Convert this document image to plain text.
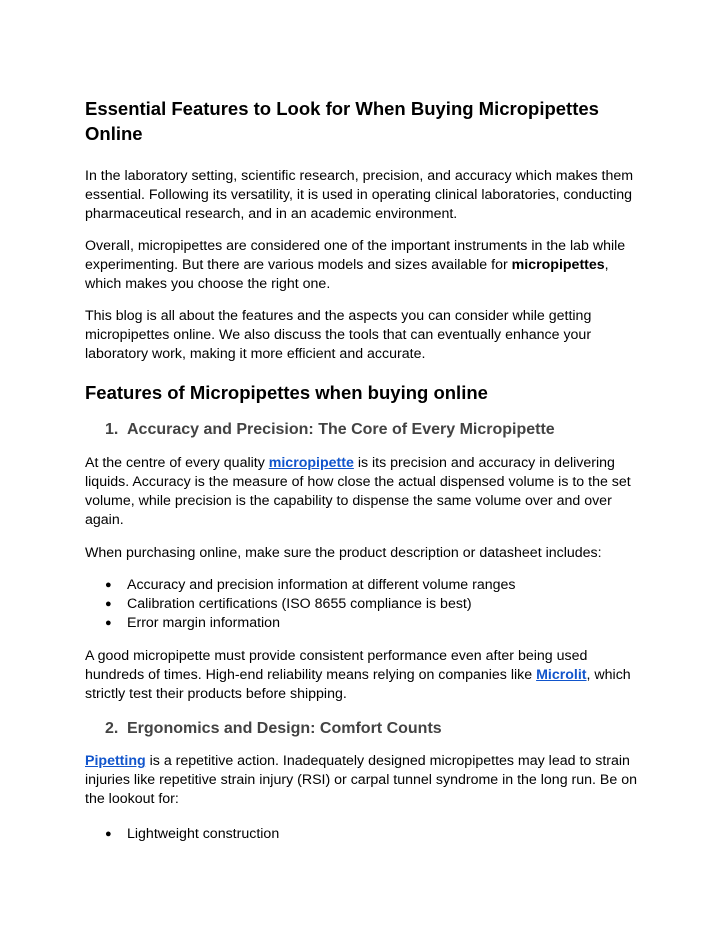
Essential Features to Look for When Buying Micropipettes Online

In the laboratory setting, scientific research, precision, and accuracy which makes them essential. Following its versatility, it is used in operating clinical laboratories, conducting pharmaceutical research, and in an academic environment.

Overall, micropipettes are considered one of the important instruments in the lab while experimenting. But there are various models and sizes available for micropipettes, which makes you choose the right one.

This blog is all about the features and the aspects you can consider while getting micropipettes online. We also discuss the tools that can eventually enhance your laboratory work, making it more efficient and accurate.

Features of Micropipettes when buying online
1. Accuracy and Precision: The Core of Every Micropipette

At the centre of every quality micropipette is its precision and accuracy in delivering liquids. Accuracy is the measure of how close the actual dispensed volume is to the set volume, while precision is the capability to dispense the same volume over and over again.

When purchasing online, make sure the product description or datasheet includes:

● Accuracy and precision information at different volume ranges
● Calibration certifications (ISO 8655 compliance is best)
● Error margin information

A good micropipette must provide consistent performance even after being used hundreds of times. High-end reliability means relying on companies like Microlit, which strictly test their products before shipping.

2. Ergonomics and Design: Comfort Counts

Pipetting is a repetitive action. Inadequately designed micropipettes may lead to strain injuries like repetitive strain injury (RSI) or carpal tunnel syndrome in the long run. Be on the lookout for:

● Lightweight construction
